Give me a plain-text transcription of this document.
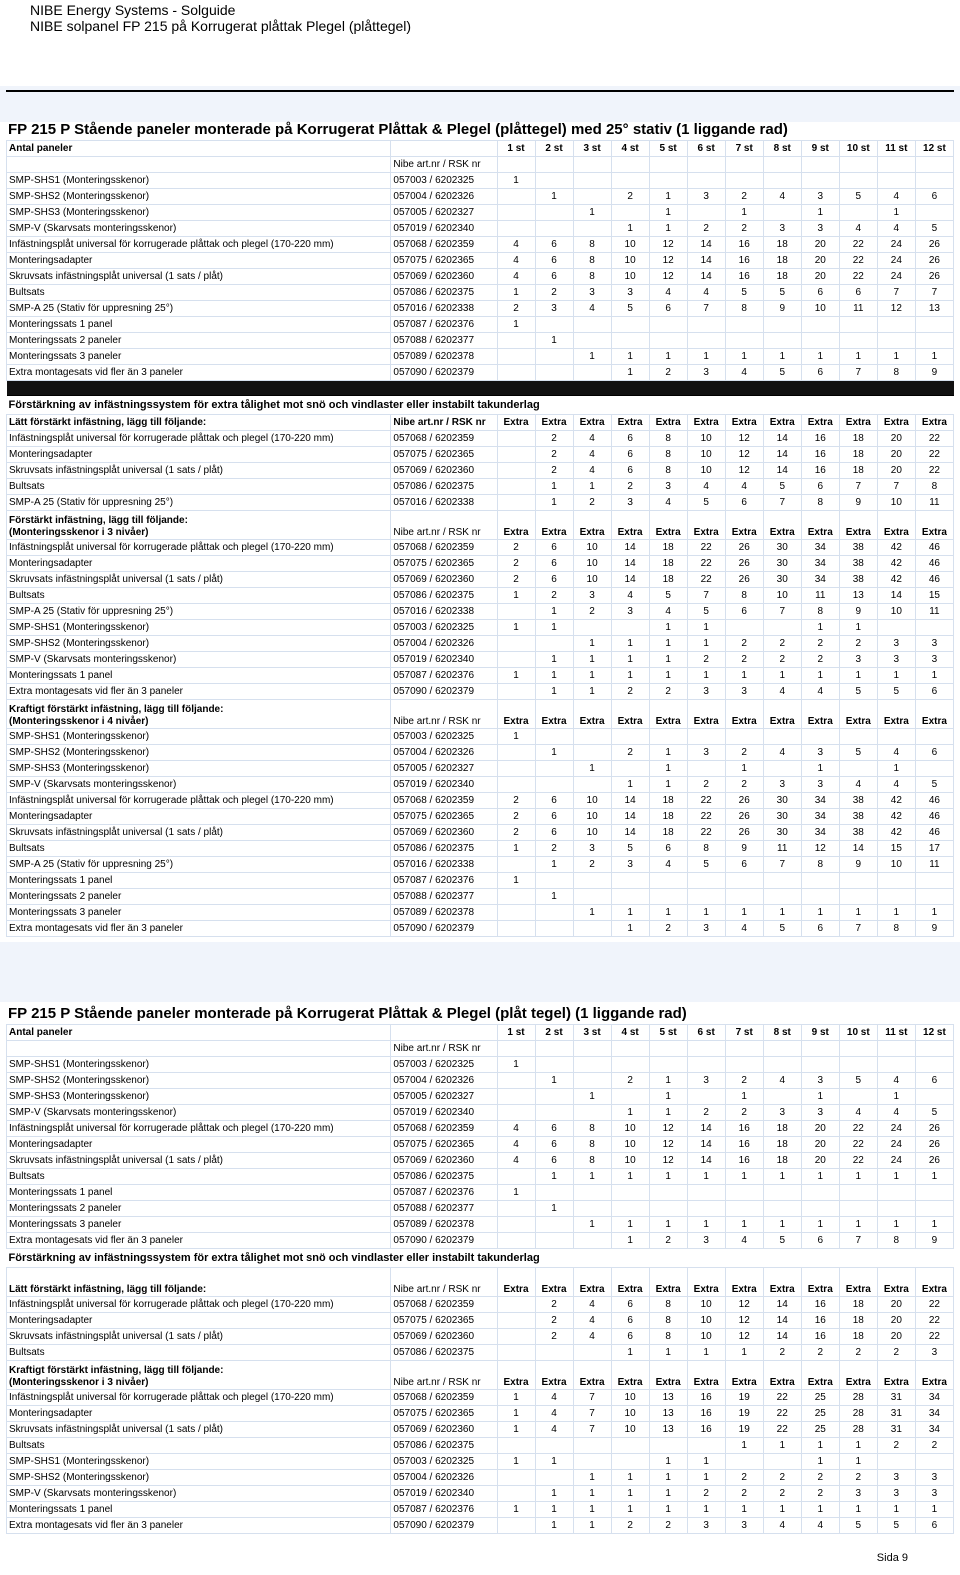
NIBE Energy Systems - Solguide
NIBE solpanel FP 215 på Korrugerat plåttak Plegel (plåttegel)
FP 215 P Stående paneler monterade på Korrugerat Plåttak & Plegel (plåttegel) med 25° stativ (1 liggande rad)
Antal paneler		1 st	2 st	3 st	4 st	5 st	6 st	7 st	8 st	9 st	10 st	11 st	12 st
	Nibe art.nr / RSK nr												
SMP-SHS1 (Monteringsskenor)	057003 / 6202325	1											
SMP-SHS2 (Monteringsskenor)	057004 / 6202326		1		2	1	3	2	4	3	5	4	6
SMP-SHS3 (Monteringsskenor)	057005 / 6202327			1		1		1		1		1	
SMP-V (Skarvsats monteringsskenor)	057019 / 6202340				1	1	2	2	3	3	4	4	5
Infästningsplåt universal för korrugerade plåttak och plegel (170-220 mm)	057068 / 6202359	4	6	8	10	12	14	16	18	20	22	24	26
Monteringsadapter	057075 / 6202365	4	6	8	10	12	14	16	18	20	22	24	26
Skruvsats infästningsplåt universal (1 sats / plåt)	057069 / 6202360	4	6	8	10	12	14	16	18	20	22	24	26
Bultsats	057086 / 6202375	1	2	3	3	4	4	5	5	6	6	7	7
SMP-A 25 (Stativ för uppresning 25°)	057016 / 6202338	2	3	4	5	6	7	8	9	10	11	12	13
Monteringssats 1 panel	057087 / 6202376	1											
Monteringssats 2 paneler	057088 / 6202377		1										
Monteringssats 3 paneler	057089 / 6202378			1	1	1	1	1	1	1	1	1	1
Extra montagesats vid fler än 3 paneler	057090 / 6202379				1	2	3	4	5	6	7	8	9

Förstärkning av infästningssystem för extra tålighet mot snö och vindlaster eller instabilt takunderlag													

Lätt förstärkt infästning, lägg till följande:	Nibe art.nr / RSK nr	Extra	Extra	Extra	Extra	Extra	Extra	Extra	Extra	Extra	Extra	Extra	Extra
Infästningsplåt universal för korrugerade plåttak och plegel (170-220 mm)	057068 / 6202359		2	4	6	8	10	12	14	16	18	20	22
Monteringsadapter	057075 / 6202365		2	4	6	8	10	12	14	16	18	20	22
Skruvsats infästningsplåt universal (1 sats / plåt)	057069 / 6202360		2	4	6	8	10	12	14	16	18	20	22
Bultsats	057086 / 6202375		1	1	2	3	4	4	5	6	7	7	8
SMP-A 25 (Stativ för uppresning 25°)	057016 / 6202338		1	2	3	4	5	6	7	8	9	10	11

Förstärkt infästning, lägg till följande:
(Monteringsskenor i 3 nivåer)	Nibe art.nr / RSK nr	Extra	Extra	Extra	Extra	Extra	Extra	Extra	Extra	Extra	Extra	Extra	Extra
Infästningsplåt universal för korrugerade plåttak och plegel (170-220 mm)	057068 / 6202359	2	6	10	14	18	22	26	30	34	38	42	46
Monteringsadapter	057075 / 6202365	2	6	10	14	18	22	26	30	34	38	42	46
Skruvsats infästningsplåt universal (1 sats / plåt)	057069 / 6202360	2	6	10	14	18	22	26	30	34	38	42	46
Bultsats	057086 / 6202375	1	2	3	4	5	7	8	10	11	13	14	15
SMP-A 25 (Stativ för uppresning 25°)	057016 / 6202338		1	2	3	4	5	6	7	8	9	10	11
SMP-SHS1 (Monteringsskenor)	057003 / 6202325	1	1			1	1			1	1		
SMP-SHS2 (Monteringsskenor)	057004 / 6202326			1	1	1	1	2	2	2	2	3	3
SMP-V (Skarvsats monteringsskenor)	057019 / 6202340		1	1	1	1	2	2	2	2	3	3	3
Monteringssats 1 panel	057087 / 6202376	1	1	1	1	1	1	1	1	1	1	1	1
Extra montagesats vid fler än 3 paneler	057090 / 6202379		1	1	2	2	3	3	4	4	5	5	6

Kraftigt förstärkt infästning, lägg till följande:
(Monteringsskenor i 4 nivåer)	Nibe art.nr / RSK nr	Extra	Extra	Extra	Extra	Extra	Extra	Extra	Extra	Extra	Extra	Extra	Extra
SMP-SHS1 (Monteringsskenor)	057003 / 6202325	1											
SMP-SHS2 (Monteringsskenor)	057004 / 6202326		1		2	1	3	2	4	3	5	4	6
SMP-SHS3 (Monteringsskenor)	057005 / 6202327			1		1		1		1		1	
SMP-V (Skarvsats monteringsskenor)	057019 / 6202340				1	1	2	2	3	3	4	4	5
Infästningsplåt universal för korrugerade plåttak och plegel (170-220 mm)	057068 / 6202359	2	6	10	14	18	22	26	30	34	38	42	46
Monteringsadapter	057075 / 6202365	2	6	10	14	18	22	26	30	34	38	42	46
Skruvsats infästningsplåt universal (1 sats / plåt)	057069 / 6202360	2	6	10	14	18	22	26	30	34	38	42	46
Bultsats	057086 / 6202375	1	2	3	5	6	8	9	11	12	14	15	17
SMP-A 25 (Stativ för uppresning 25°)	057016 / 6202338		1	2	3	4	5	6	7	8	9	10	11
Monteringssats 1 panel	057087 / 6202376	1											
Monteringssats 2 paneler	057088 / 6202377		1										
Monteringssats 3 paneler	057089 / 6202378			1	1	1	1	1	1	1	1	1	1
Extra montagesats vid fler än 3 paneler	057090 / 6202379				1	2	3	4	5	6	7	8	9
FP 215 P Stående paneler monterade på Korrugerat Plåttak & Plegel (plåt tegel) (1 liggande rad)
Antal paneler		1 st	2 st	3 st	4 st	5 st	6 st	7 st	8 st	9 st	10 st	11 st	12 st
	Nibe art.nr / RSK nr												
SMP-SHS1 (Monteringsskenor)	057003 / 6202325	1											
SMP-SHS2 (Monteringsskenor)	057004 / 6202326		1		2	1	3	2	4	3	5	4	6
SMP-SHS3 (Monteringsskenor)	057005 / 6202327			1		1		1		1		1	
SMP-V (Skarvsats monteringsskenor)	057019 / 6202340				1	1	2	2	3	3	4	4	5
Infästningsplåt universal för korrugerade plåttak och plegel (170-220 mm)	057068 / 6202359	4	6	8	10	12	14	16	18	20	22	24	26
Monteringsadapter	057075 / 6202365	4	6	8	10	12	14	16	18	20	22	24	26
Skruvsats infästningsplåt universal (1 sats / plåt)	057069 / 6202360	4	6	8	10	12	14	16	18	20	22	24	26
Bultsats	057086 / 6202375		1	1	1	1	1	1	1	1	1	1	1
Monteringssats 1 panel	057087 / 6202376	1											
Monteringssats 2 paneler	057088 / 6202377		1										
Monteringssats 3 paneler	057089 / 6202378			1	1	1	1	1	1	1	1	1	1
Extra montagesats vid fler än 3 paneler	057090 / 6202379				1	2	3	4	5	6	7	8	9
Förstärkning av infästningssystem för extra tålighet mot snö och vindlaster eller instabilt takunderlag													

Lätt förstärkt infästning, lägg till följande:	Nibe art.nr / RSK nr	Extra	Extra	Extra	Extra	Extra	Extra	Extra	Extra	Extra	Extra	Extra	Extra
Infästningsplåt universal för korrugerade plåttak och plegel (170-220 mm)	057068 / 6202359		2	4	6	8	10	12	14	16	18	20	22
Monteringsadapter	057075 / 6202365		2	4	6	8	10	12	14	16	18	20	22
Skruvsats infästningsplåt universal (1 sats / plåt)	057069 / 6202360		2	4	6	8	10	12	14	16	18	20	22
Bultsats	057086 / 6202375				1	1	1	1	2	2	2	2	3

Kraftigt förstärkt infästning, lägg till följande:
(Monteringsskenor i 3 nivåer)	Nibe art.nr / RSK nr	Extra	Extra	Extra	Extra	Extra	Extra	Extra	Extra	Extra	Extra	Extra	Extra
Infästningsplåt universal för korrugerade plåttak och plegel (170-220 mm)	057068 / 6202359	1	4	7	10	13	16	19	22	25	28	31	34
Monteringsadapter	057075 / 6202365	1	4	7	10	13	16	19	22	25	28	31	34
Skruvsats infästningsplåt universal (1 sats / plåt)	057069 / 6202360	1	4	7	10	13	16	19	22	25	28	31	34
Bultsats	057086 / 6202375							1	1	1	1	2	2
SMP-SHS1 (Monteringsskenor)	057003 / 6202325	1	1			1	1			1	1		
SMP-SHS2 (Monteringsskenor)	057004 / 6202326			1	1	1	1	2	2	2	2	3	3
SMP-V (Skarvsats monteringsskenor)	057019 / 6202340		1	1	1	1	2	2	2	2	3	3	3
Monteringssats 1 panel	057087 / 6202376	1	1	1	1	1	1	1	1	1	1	1	1
Extra montagesats vid fler än 3 paneler	057090 / 6202379		1	1	2	2	3	3	4	4	5	5	6
Sida 9
